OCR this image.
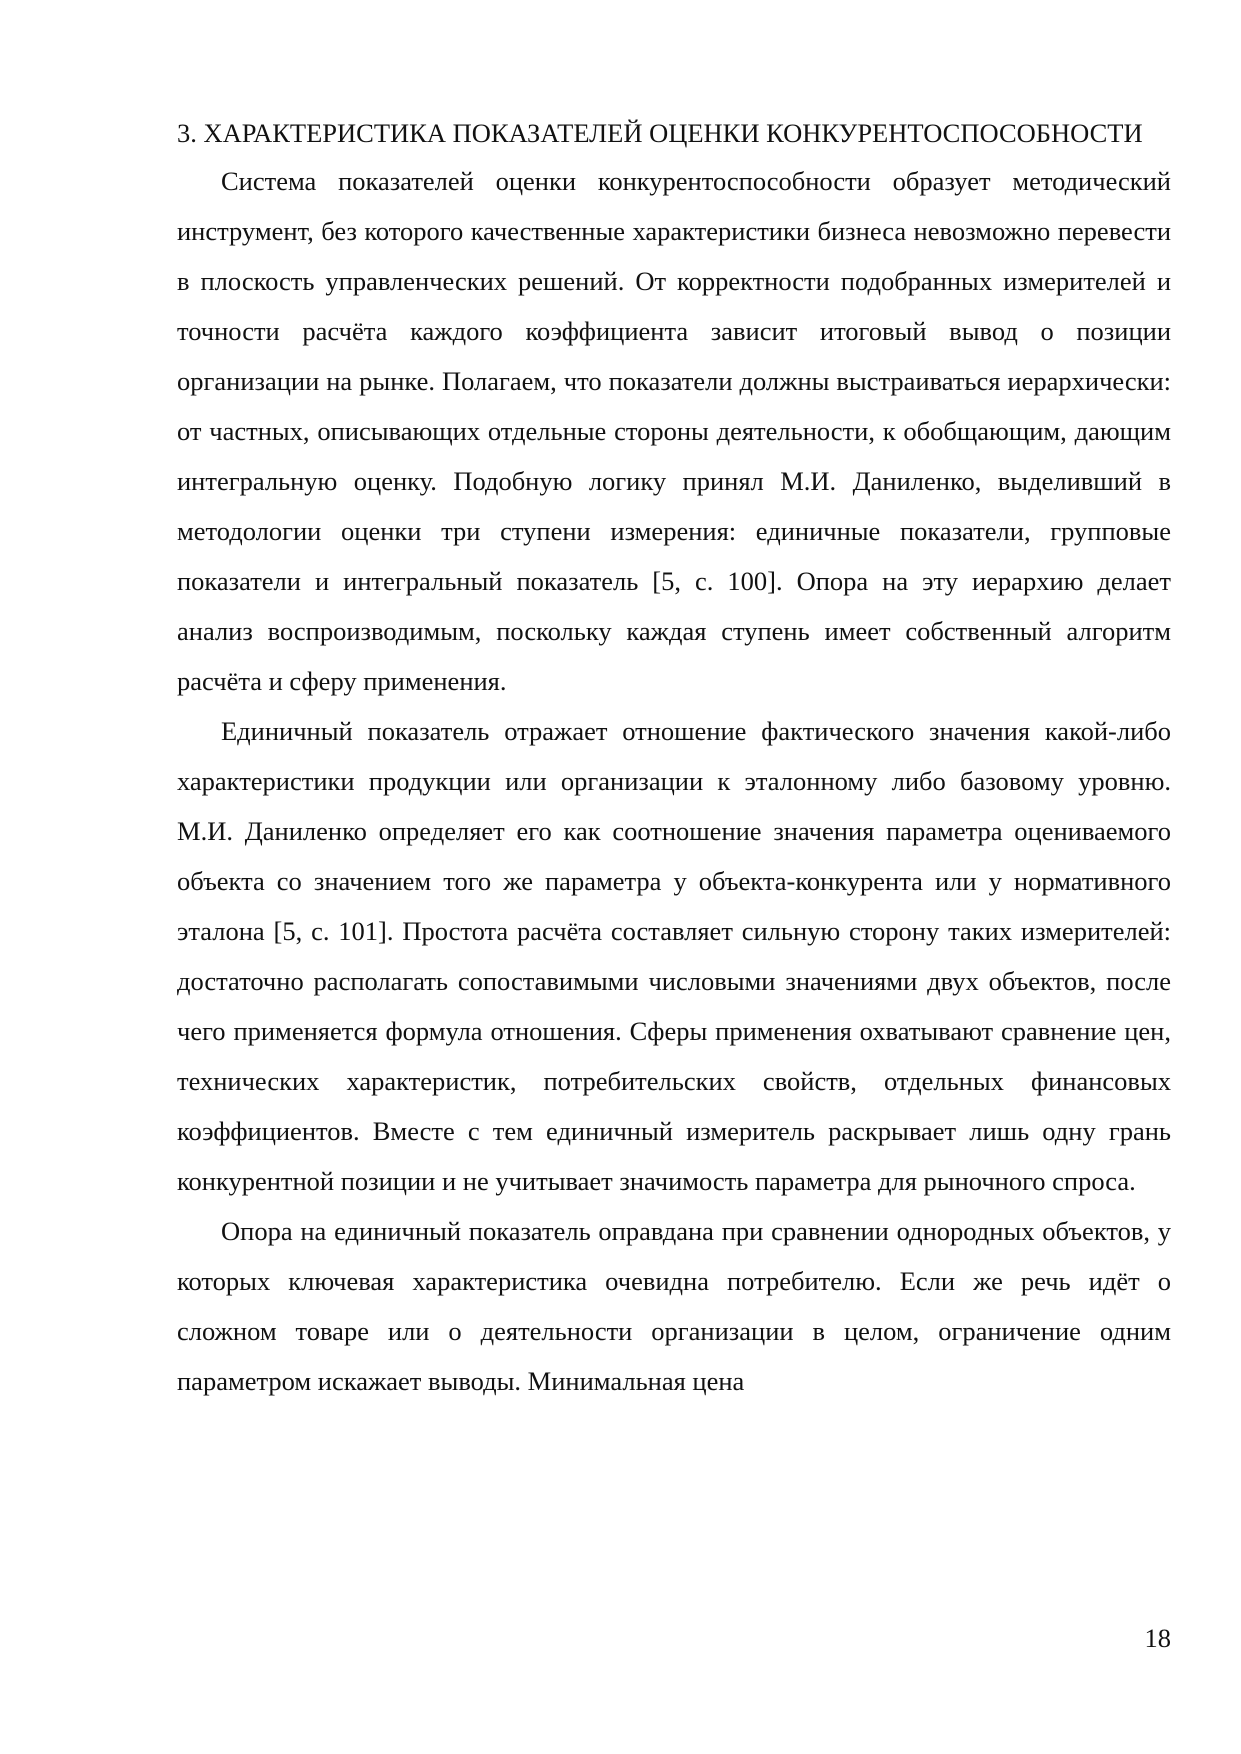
3. ХАРАКТЕРИСТИКА ПОКАЗАТЕЛЕЙ ОЦЕНКИ КОНКУРЕНТОСПОСОБНОСТИ

Система показателей оценки конкурентоспособности образует методический инструмент, без которого качественные характеристики бизнеса невозможно перевести в плоскость управленческих решений. От корректности подобранных измерителей и точности расчёта каждого коэффициента зависит итоговый вывод о позиции организации на рынке. Полагаем, что показатели должны выстраиваться иерархически: от частных, описывающих отдельные стороны деятельности, к обобщающим, дающим интегральную оценку. Подобную логику принял М.И. Даниленко, выделивший в методологии оценки три ступени измерения: единичные показатели, групповые показатели и интегральный показатель [5, с. 100]. Опора на эту иерархию делает анализ воспроизводимым, поскольку каждая ступень имеет собственный алгоритм расчёта и сферу применения.

Единичный показатель отражает отношение фактического значения какой-либо характеристики продукции или организации к эталонному либо базовому уровню. М.И. Даниленко определяет его как соотношение значения параметра оцениваемого объекта со значением того же параметра у объекта-конкурента или у нормативного эталона [5, с. 101]. Простота расчёта составляет сильную сторону таких измерителей: достаточно располагать сопоставимыми числовыми значениями двух объектов, после чего применяется формула отношения. Сферы применения охватывают сравнение цен, технических характеристик, потребительских свойств, отдельных финансовых коэффициентов. Вместе с тем единичный измеритель раскрывает лишь одну грань конкурентной позиции и не учитывает значимость параметра для рыночного спроса.

Опора на единичный показатель оправдана при сравнении однородных объектов, у которых ключевая характеристика очевидна потребителю. Если же речь идёт о сложном товаре или о деятельности организации в целом, ограничение одним параметром искажает выводы. Минимальная цена

18
